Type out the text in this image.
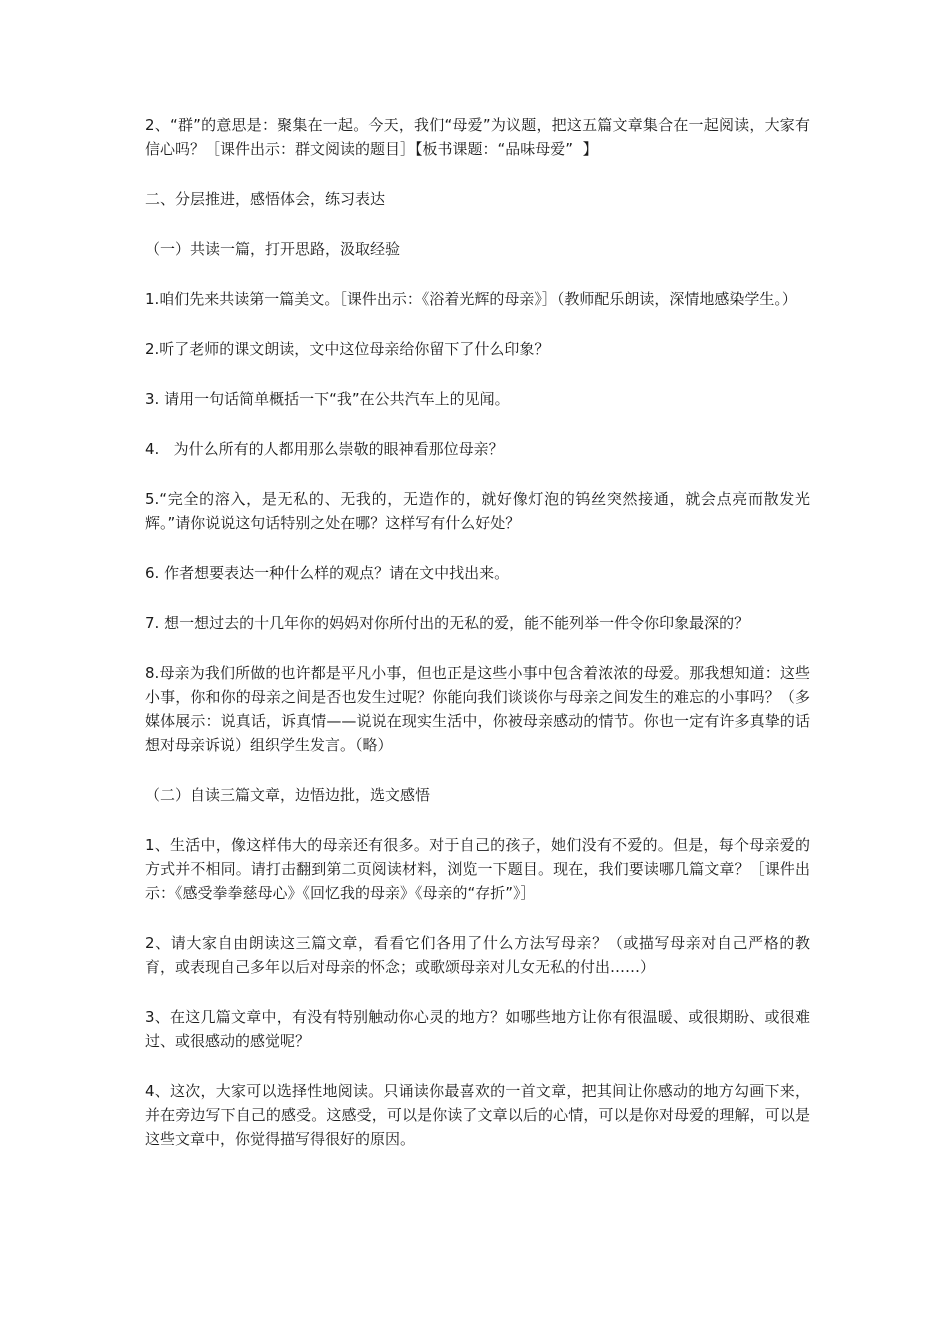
2、“群”的意思是：聚集在一起。今天，我们“母爱”为议题，把这五篇文章集合在一起阅读，大家有信心吗？［课件出示：群文阅读的题目］【板书课题：“品味母爱”  】

二、分层推进，感悟体会，练习表达

（一）共读一篇，打开思路，汲取经验

1.咱们先来共读第一篇美文。［课件出示：《浴着光辉的母亲》］（教师配乐朗读，深情地感染学生。）

2.听了老师的课文朗读，文中这位母亲给你留下了什么印象？

3. 请用一句话简单概括一下“我”在公共汽车上的见闻。

4.   为什么所有的人都用那么崇敬的眼神看那位母亲？

5.“完全的溶入，是无私的、无我的，无造作的，就好像灯泡的钨丝突然接通，就会点亮而散发光辉。”请你说说这句话特别之处在哪？这样写有什么好处？

6. 作者想要表达一种什么样的观点？请在文中找出来。

7. 想一想过去的十几年你的妈妈对你所付出的无私的爱，能不能列举一件令你印象最深的？

8.母亲为我们所做的也许都是平凡小事，但也正是这些小事中包含着浓浓的母爱。那我想知道：这些小事，你和你的母亲之间是否也发生过呢？你能向我们谈谈你与母亲之间发生的难忘的小事吗？（多媒体展示：说真话，诉真情——说说在现实生活中，你被母亲感动的情节。你也一定有许多真挚的话想对母亲诉说）组织学生发言。（略）

（二）自读三篇文章，边悟边批，选文感悟

1、生活中，像这样伟大的母亲还有很多。对于自己的孩子，她们没有不爱的。但是，每个母亲爱的方式并不相同。请打击翻到第二页阅读材料，浏览一下题目。现在，我们要读哪几篇文章？［课件出示：《感受拳拳慈母心》《回忆我的母亲》《母亲的“存折”》］

2、请大家自由朗读这三篇文章，看看它们各用了什么方法写母亲？（或描写母亲对自己严格的教育，或表现自己多年以后对母亲的怀念；或歌颂母亲对儿女无私的付出……）

3、在这几篇文章中，有没有特别触动你心灵的地方？如哪些地方让你有很温暖、或很期盼、或很难过、或很感动的感觉呢？

4、这次，大家可以选择性地阅读。只诵读你最喜欢的一首文章，把其间让你感动的地方勾画下来，并在旁边写下自己的感受。这感受，可以是你读了文章以后的心情，可以是你对母爱的理解，可以是这些文章中，你觉得描写得很好的原因。
